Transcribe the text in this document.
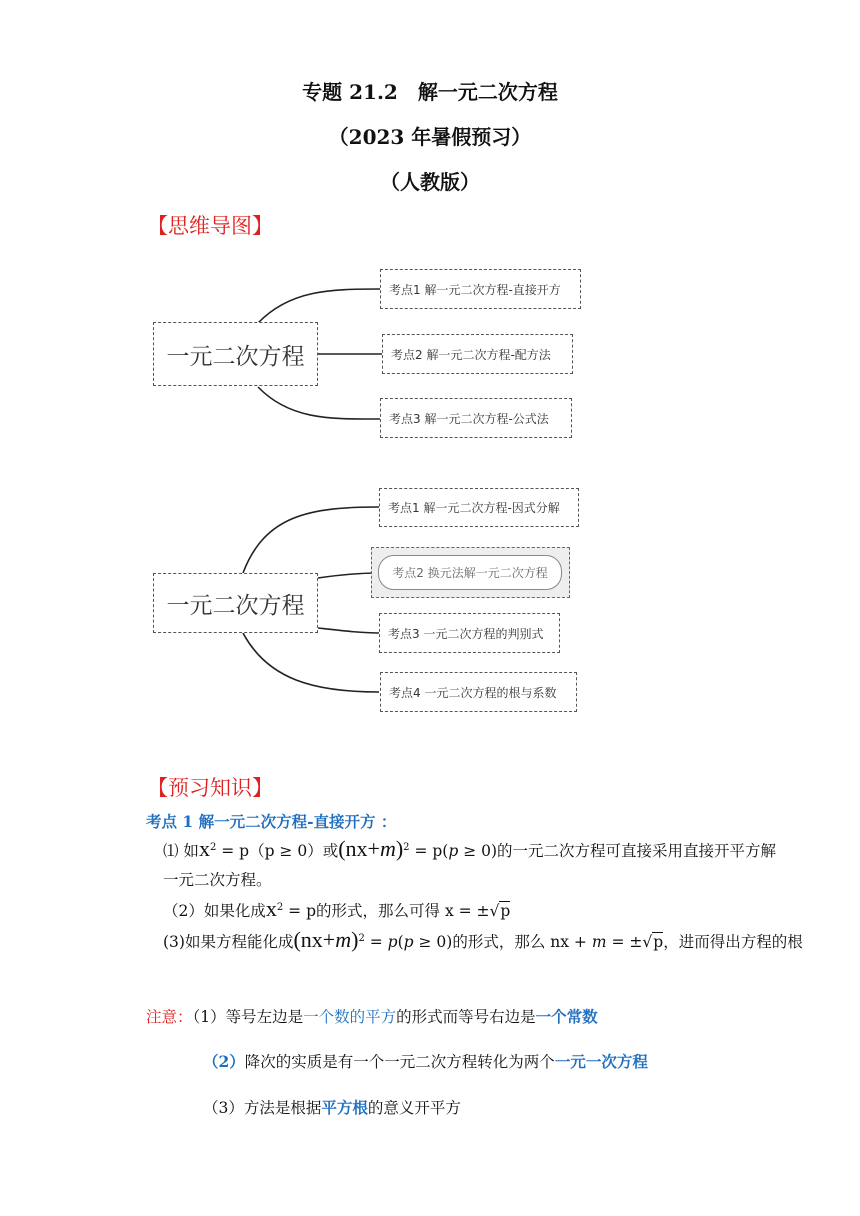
专题 21.2　解一元二次方程
（2023 年暑假预习）
（人教版）
【思维导图】
一元二次方程
考点1 解一元二次方程-直接开方
考点2 解一元二次方程-配方法
考点3 解一元二次方程-公式法
一元二次方程
考点1 解一元二次方程-因式分解
考点2 换元法解一元二次方程
考点3 一元二次方程的判别式
考点4 一元二次方程的根与系数
【预习知识】
考点 1 解一元二次方程-直接开方 ：
⑴ 如$x^2 = p(p \ge 0)$或$(nx+m)^2 = p(p \ge 0)$的一元二次方程可直接采用直接开平方解
一元二次方程。
（2）如果化成$x^2 = p$的形式，那么可得 x = ±√p
(3)如果方程能化成$(nx+m)^2 = p(p \ge 0)$的形式，那么 nx + m = ±√p，进而得出方程的根
注意：（1）等号左边是一个数的平方的形式而等号右边是一个常数
（2）降次的实质是有一个一元二次方程转化为两个一元一次方程
（3）方法是根据平方根的意义开平方
